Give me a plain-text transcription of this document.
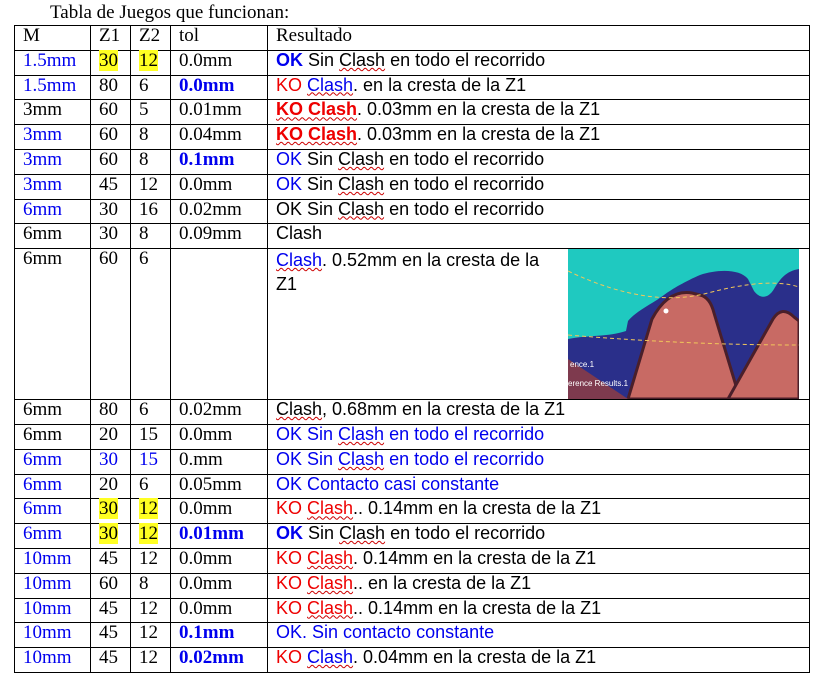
Tabla de Juegos que funcionan:
M	Z1	Z2	tol	Resultado
1.5mm	30	12	0.0mm	OK Sin Clash en todo el recorrido
1.5mm	80	6	0.0mm	KO Clash. en la cresta de la Z1
3mm	60	5	0.01mm	KO Clash. 0.03mm en la cresta de la Z1
3mm	60	8	0.04mm	KO Clash. 0.03mm en la cresta de la Z1
3mm	60	8	0.1mm	OK Sin Clash en todo el recorrido
3mm	45	12	0.0mm	OK Sin Clash en todo el recorrido
6mm	30	16	0.02mm	OK Sin Clash en todo el recorrido
6mm	30	8	0.09mm	Clash
6mm	60	6		Clash. 0.52mm en la cresta de la Z1
ence.1
erence Results.1

6mm	80	6	0.02mm	Clash, 0.68mm en la cresta de la Z1
6mm	20	15	0.0mm	OK Sin Clash en todo el recorrido
6mm	30	15	0.mm	OK Sin Clash en todo el recorrido
6mm	20	6	0.05mm	OK Contacto casi constante
6mm	30	12	0.0mm	KO Clash.. 0.14mm en la cresta de la Z1
6mm	30	12	0.01mm	OK Sin Clash en todo el recorrido
10mm	45	12	0.0mm	KO Clash. 0.14mm en la cresta de la Z1
10mm	60	8	0.0mm	KO Clash.. en la cresta de la Z1
10mm	45	12	0.0mm	KO Clash.. 0.14mm en la cresta de la Z1
10mm	45	12	0.1mm	OK. Sin contacto constante
10mm	45	12	0.02mm	KO Clash. 0.04mm en la cresta de la Z1
